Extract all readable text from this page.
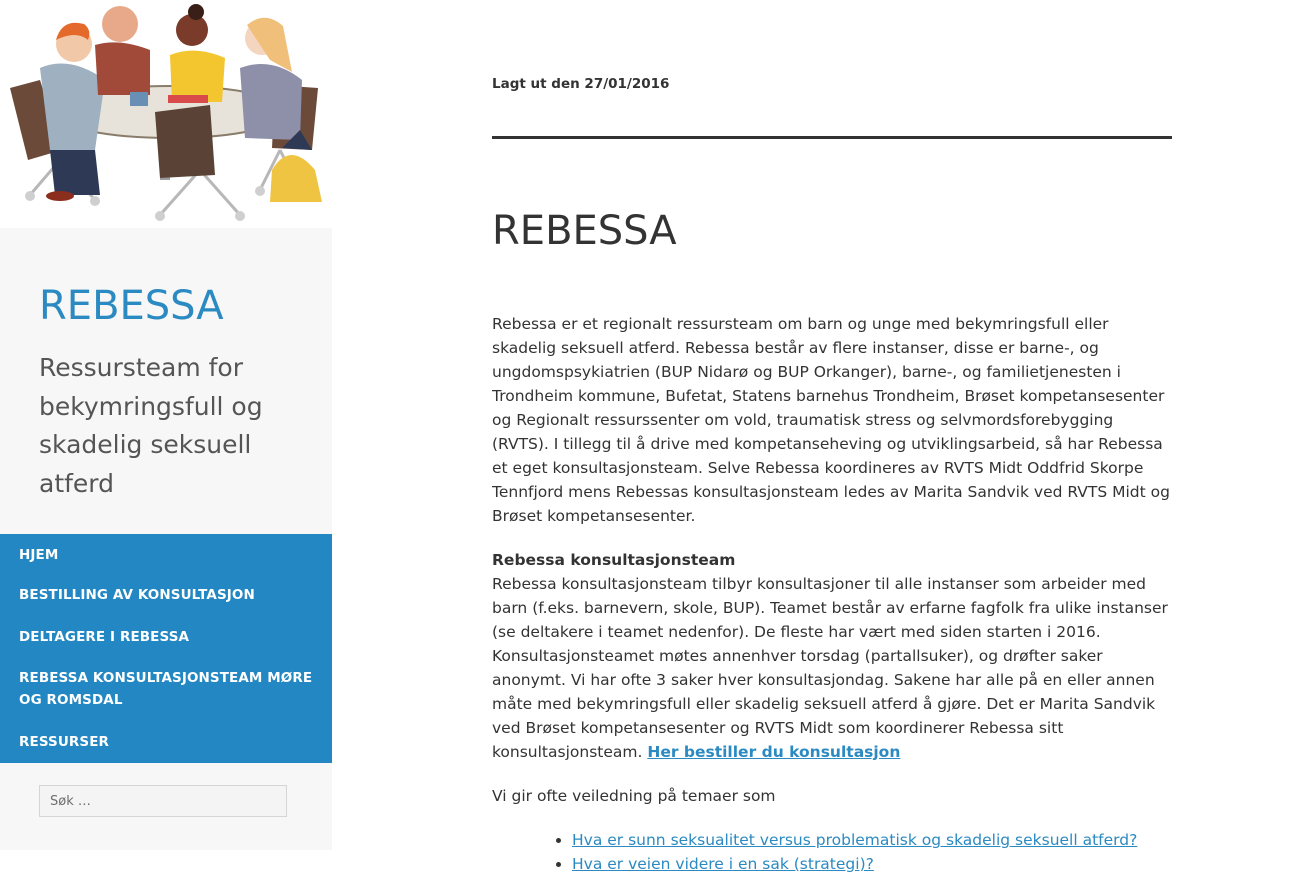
REBESSA
Ressursteam for bekymringsfull og skadelig seksuell atferd
HJEM
BESTILLING AV KONSULTASJON
DELTAGERE I REBESSA
REBESSA KONSULTASJONSTEAM MØRE OG ROMSDAL
RESSURSER
Søk …
Lagt ut den 27/01/2016
REBESSA

Rebessa er et regionalt ressursteam om barn og unge med bekymringsfull eller skadelig seksuell atferd. Rebessa består av flere instanser, disse er barne-, og ungdomspsykiatrien (BUP Nidarø og BUP Orkanger), barne-, og familietjenesten i Trondheim kommune, Bufetat, Statens barnehus Trondheim, Brøset kompetansesenter og Regionalt ressurssenter om vold, traumatisk stress og selvmordsforebygging (RVTS). I tillegg til å drive med kompetanseheving og utviklingsarbeid, så har Rebessa et eget konsultasjonsteam. Selve Rebessa koordineres av RVTS Midt Oddfrid Skorpe Tennfjord mens Rebessas konsultasjonsteam ledes av Marita Sandvik ved RVTS Midt og Brøset kompetansesenter.

Rebessa konsultasjonsteam
Rebessa konsultasjonsteam tilbyr konsultasjoner til alle instanser som arbeider med barn (f.eks. barnevern, skole, BUP). Teamet består av erfarne fagfolk fra ulike instanser (se deltakere i teamet nedenfor). De fleste har vært med siden starten i 2016. Konsultasjonsteamet møtes annenhver torsdag (partallsuker), og drøfter saker anonymt. Vi har ofte 3 saker hver konsultasjondag. Sakene har alle på en eller annen måte med bekymringsfull eller skadelig seksuell atferd å gjøre. Det er Marita Sandvik ved Brøset kompetansesenter og RVTS Midt som koordinerer Rebessa sitt konsultasjonsteam. Her bestiller du konsultasjon

Vi gir ofte veiledning på temaer som

• Hva er sunn seksualitet versus problematisk og skadelig seksuell atferd?
• Hva er veien videre i en sak (strategi)?
